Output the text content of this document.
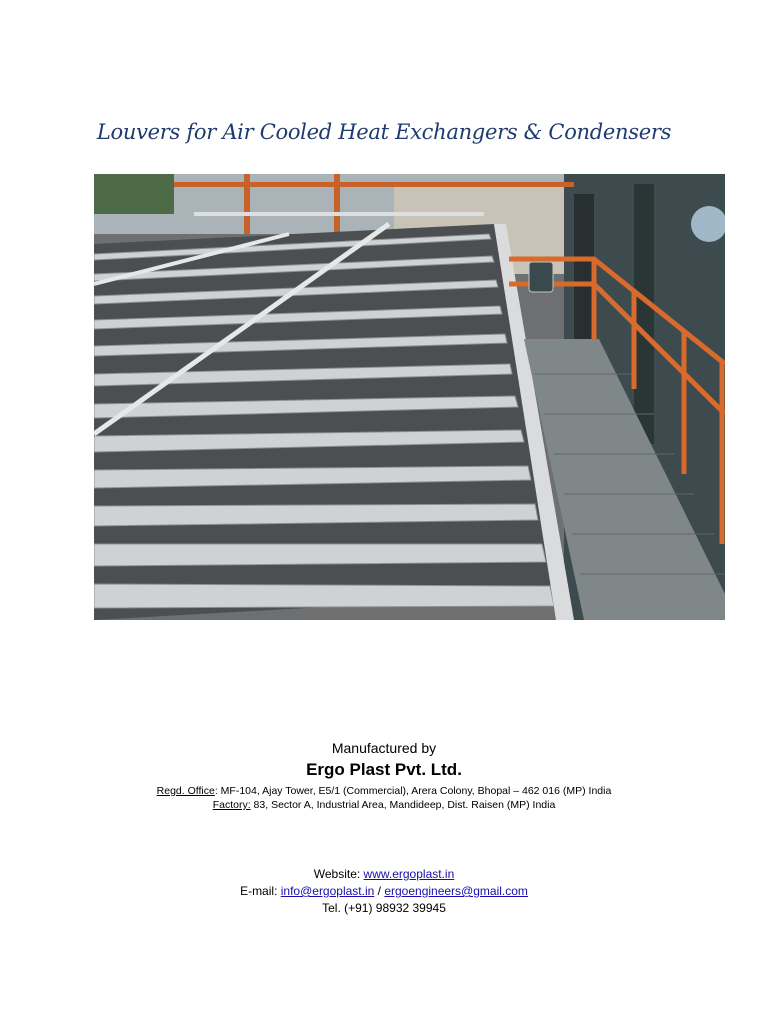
Louvers for Air Cooled Heat Exchangers & Condensers
Manufactured by
Ergo Plast Pvt. Ltd.
Regd. Office: MF-104, Ajay Tower, E5/1 (Commercial), Arera Colony, Bhopal – 462 016 (MP) India
Factory: 83, Sector A, Industrial Area, Mandideep, Dist. Raisen (MP) India
Website: www.ergoplast.in
E-mail: info@ergoplast.in / ergoengineers@gmail.com
Tel. (+91) 98932 39945
